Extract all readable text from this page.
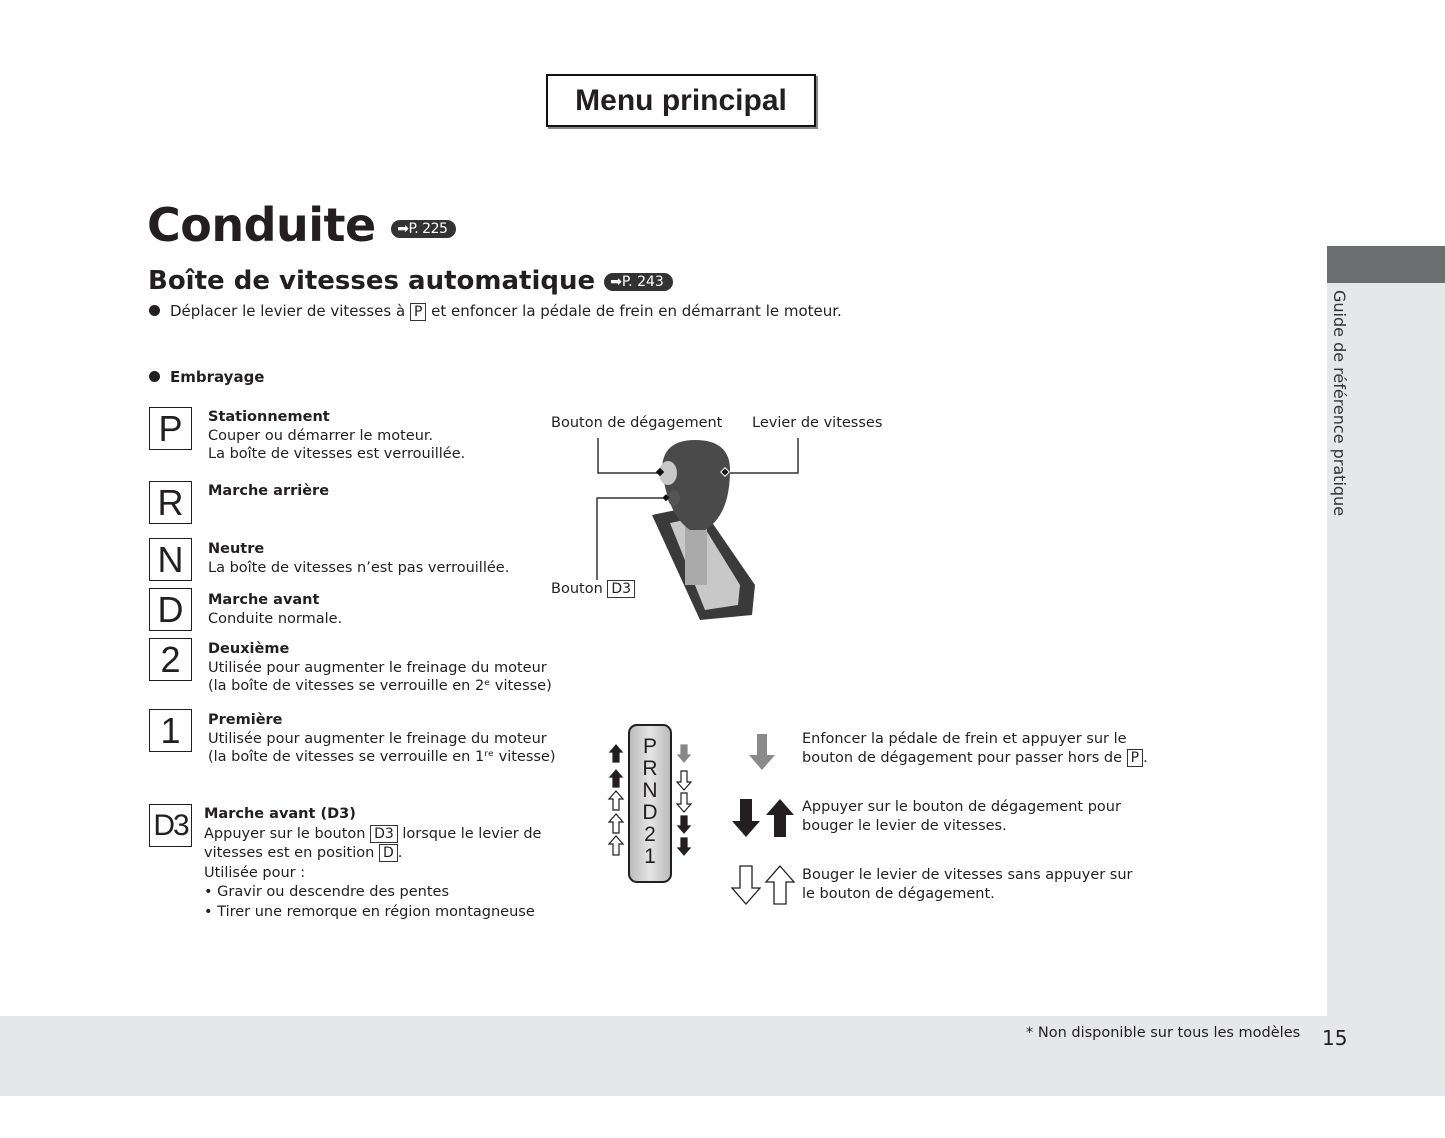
Guide de référence pratique
Menu principal
Conduite ➡P. 225
Boîte de vitesses automatique ➡P. 243
Déplacer le levier de vitesses à P et enfoncer la pédale de frein en démarrant le moteur.
Embrayage
P	Stationnement
Couper ou démarrer le moteur.
La boîte de vitesses est verrouillée.
R	Marche arrière
N	Neutre
La boîte de vitesses n’est pas verrouillée.
D	Marche avant
Conduite normale.
2	Deuxième
Utilisée pour augmenter le freinage du moteur
(la boîte de vitesses se verrouille en 2ᵉ vitesse)
1	Première
Utilisée pour augmenter le freinage du moteur
(la boîte de vitesses se verrouille en 1ʳᵉ vitesse)
D3 Marche avant (D3)
Appuyer sur le bouton D3 lorsque le levier de
vitesses est en position D .
Utilisée pour :
• Gravir ou descendre des pentes
• Tirer une remorque en région montagneuse
Bouton de dégagement Levier de vitesses
Bouton D3
P
R
N
D
2
1
Enfoncer la pédale de frein et appuyer sur le
bouton de dégagement pour passer hors de P .
Appuyer sur le bouton de dégagement pour
bouger le levier de vitesses.
Bouger le levier de vitesses sans appuyer sur
le bouton de dégagement.
* Non disponible sur tous les modèles 15
